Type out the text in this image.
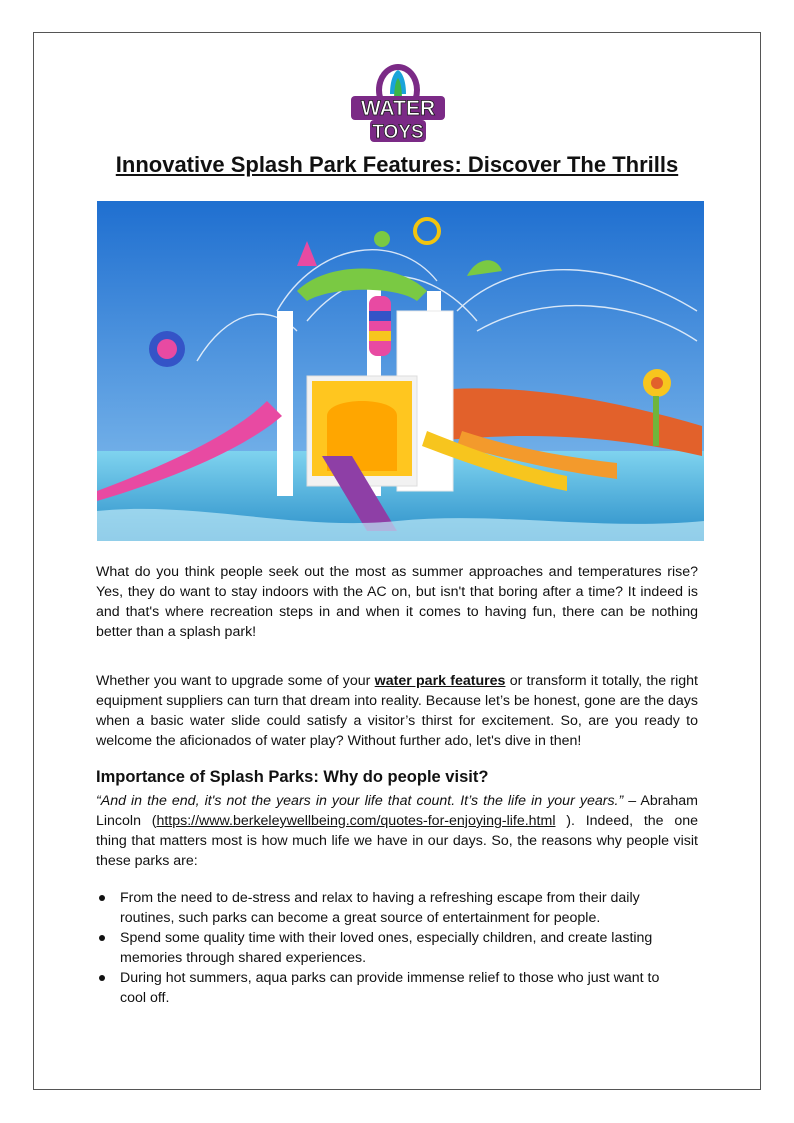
WATER
TOYS
Innovative Splash Park Features: Discover The Thrills

What do you think people seek out the most as summer approaches and temperatures rise? Yes, they do want to stay indoors with the AC on, but isn't that boring after a time? It indeed is and that's where recreation steps in and when it comes to having fun, there can be nothing better than a splash park!

Whether you want to upgrade some of your water park features or transform it totally, the right equipment suppliers can turn that dream into reality. Because let’s be honest, gone are the days when a basic water slide could satisfy a visitor’s thirst for excitement. So, are you ready to welcome the aficionados of water play? Without further ado, let's dive in then!

Importance of Splash Parks: Why do people visit?

“And in the end, it's not the years in your life that count. It’s the life in your years.” – Abraham Lincoln (https://www.berkeleywellbeing.com/quotes-for-enjoying-life.html ). Indeed, the one thing that matters most is how much life we have in our days. So, the reasons why people visit these parks are:

From the need to de-stress and relax to having a refreshing escape from their daily routines, such parks can become a great source of entertainment for people.
Spend some quality time with their loved ones, especially children, and create lasting memories through shared experiences.
During hot summers, aqua parks can provide immense relief to those who just want to cool off.
